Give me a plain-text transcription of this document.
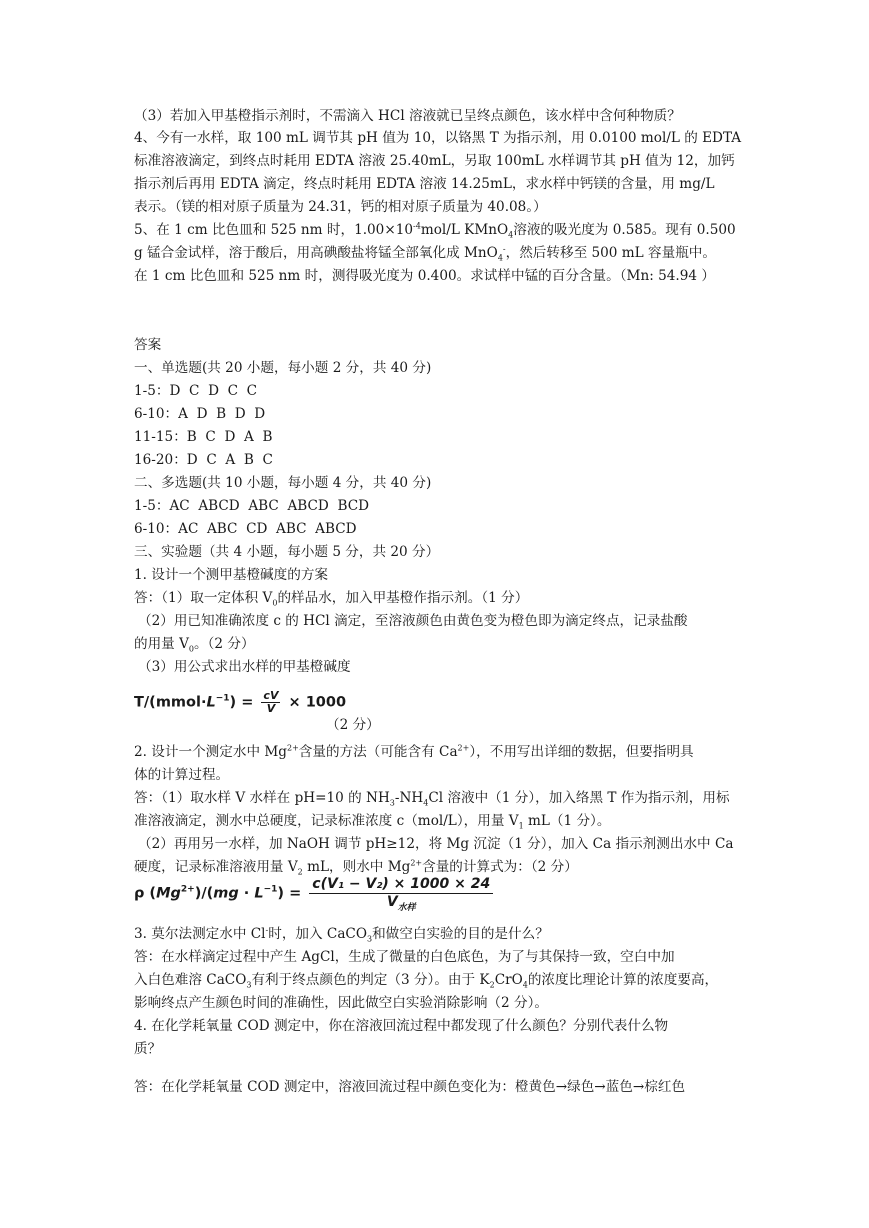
（3）若加入甲基橙指示剂时，不需滴入 HCl 溶液就已呈终点颜色，该水样中含何种物质？
4、今有一水样，取 100 mL 调节其 pH 值为 10，以铬黑 T 为指示剂，用 0.0100 mol/L 的 EDTA
标准溶液滴定，到终点时耗用 EDTA 溶液 25.40mL，另取 100mL 水样调节其 pH 值为 12，加钙
指示剂后再用 EDTA 滴定，终点时耗用 EDTA 溶液 14.25mL，求水样中钙镁的含量，用 mg/L
表示。（镁的相对原子质量为 24.31，钙的相对原子质量为 40.08。）
5、在 1 cm 比色皿和 525 nm 时，$1.00\times 10^{-4}mol/L$ KMnO$_4$溶液的吸光度为 0.585。现有 0.500
g 锰合金试样，溶于酸后，用高碘酸盐将锰全部氧化成 MnO$_4$-，然后转移至 500 mL 容量瓶中。
在 1 cm 比色皿和 525 nm 时，测得吸光度为 0.400。求试样中锰的百分含量。（Mn: 54.94 ）
答案
一、单选题(共 20 小题，每小题 2 分，共 40 分)
1-5：D  C  D  C  C
6-10：A  D  B  D  D
11-15：B  C  D  A  B
16-20：D  C  A  B  C
二、多选题(共 10 小题，每小题 4 分，共 40 分)
1-5：AC  ABCD  ABC  ABCD  BCD
6-10：AC  ABC  CD  ABC  ABCD
三、实验题（共 4 小题，每小题 5 分，共 20 分）
1. 设计一个测甲基橙碱度的方案
答：（1）取一定体积 $V_0$的样品水，加入甲基橙作指示剂。（1 分）
（2）用已知准确浓度 c 的 HCl 滴定，至溶液颜色由黄色变为橙色即为滴定终点，记录盐酸
的用量 $V_0$。（2 分）
（3）用公式求出水样的甲基橙碱度
$T/(mmol\cdot L^{-1}) = \frac{cV}{V} \times 1000$
（2 分）
2. 设计一个测定水中 $Mg^{2+}$含量的方法（可能含有 $Ca^{2+}$），不用写出详细的数据，但要指明具
体的计算过程。
答：（1）取水样 V 水样在 pH=10 的 $NH_3-NH_4Cl$ 溶液中（1 分），加入络黑 T 作为指示剂，用标
准溶液滴定，测水中总硬度，记录标准浓度 c（mol/L），用量 $V_1$ mL（1 分）。
（2）再用另一水样，加 NaOH 调节 pH≥12，将 Mg 沉淀（1 分），加入 Ca 指示剂测出水中 Ca
硬度，记录标准溶液用量 $V_2$ mL，则水中 $Mg^{2+}$含量的计算式为：（2 分）
ρ $(Mg^{2+})/(mg \cdot L^{-1}) = \frac{\text{c(V₁ − V₂) × 1000 × 24}}{V_{水样}}$
3. 莫尔法测定水中 Cl-时，加入 CaCO$_3$和做空白实验的目的是什么？
答：在水样滴定过程中产生 AgCl，生成了微量的白色底色，为了与其保持一致，空白中加
入白色难溶 CaCO$_3$有利于终点颜色的判定（3 分）。由于 $K_2CrO_4$的浓度比理论计算的浓度要高，
影响终点产生颜色时间的准确性，因此做空白实验消除影响（2 分）。
4. 在化学耗氧量 COD 测定中，你在溶液回流过程中都发现了什么颜色？分别代表什么物
质？
答：在化学耗氧量 COD 测定中，溶液回流过程中颜色变化为：橙黄色→绿色→蓝色→棕红色
